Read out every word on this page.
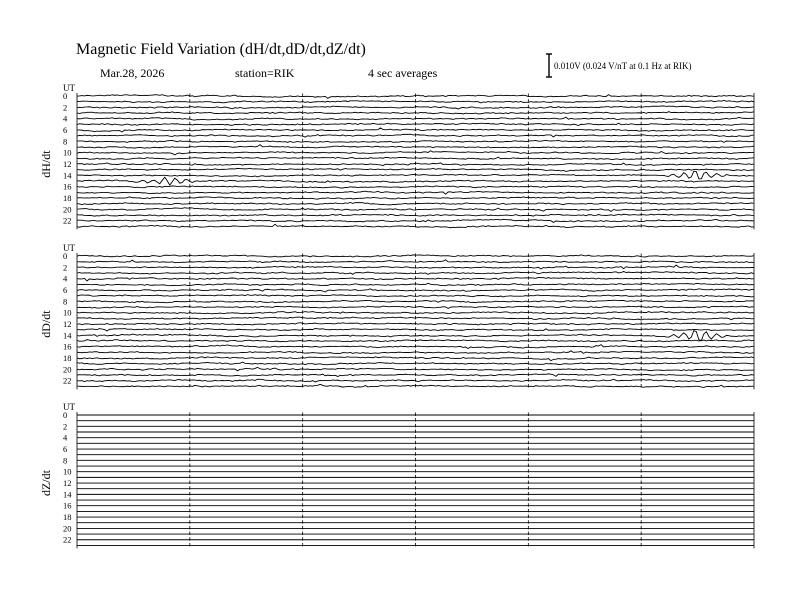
Magnetic Field Variation (dH/dt,dD/dt,dZ/dt)
Mar.28, 2026	station=RIK	4 sec averages	0.010V (0.024 V/nT at 0.1 Hz at RIK)
UT
dH/dt
0
2
4
6
8
10
12
14
16
18
20
22
UT
dD/dt
0
2
4
6
8
10
12
14
16
18
20
22
UT
dZ/dt
0
2
4
6
8
10
12
14
16
18
20
22
